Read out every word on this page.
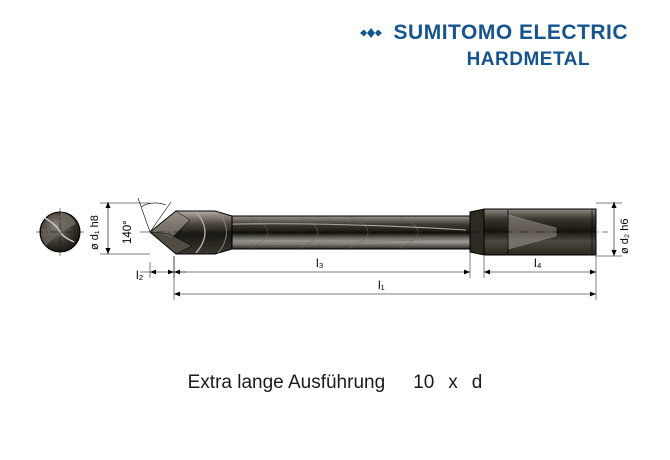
SUMITOMO ELECTRIC
HARDMETAL
140°
ø d₁ h8	ø d₂ h6
l₂
l₃	l₄
l₁
Extra lange Ausführung 10 x d
